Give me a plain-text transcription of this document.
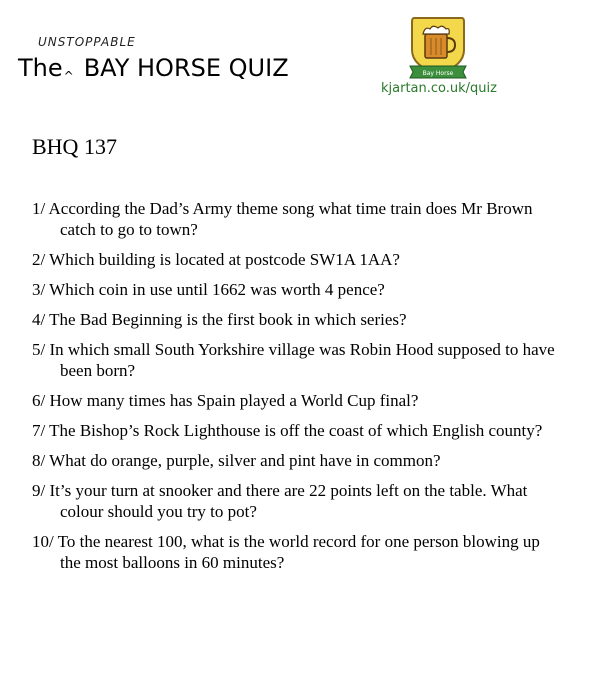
UNSTOPPABLE
The^ BAY HORSE QUIZ	Bay Horse
kjartan.co.uk/quiz
BHQ 137
1/ According the Dad’s Army theme song what time train does Mr Brown catch to go to town?
2/ Which building is located at postcode SW1A 1AA?
3/ Which coin in use until 1662 was worth 4 pence?
4/ The Bad Beginning is the first book in which series?
5/ In which small South Yorkshire village was Robin Hood supposed to have been born?
6/ How many times has Spain played a World Cup final?
7/ The Bishop’s Rock Lighthouse is off the coast of which English county?
8/ What do orange, purple, silver and pint have in common?
9/ It’s your turn at snooker and there are 22 points left on the table. What colour should you try to pot?
10/ To the nearest 100, what is the world record for one person blowing up the most balloons in 60 minutes?
